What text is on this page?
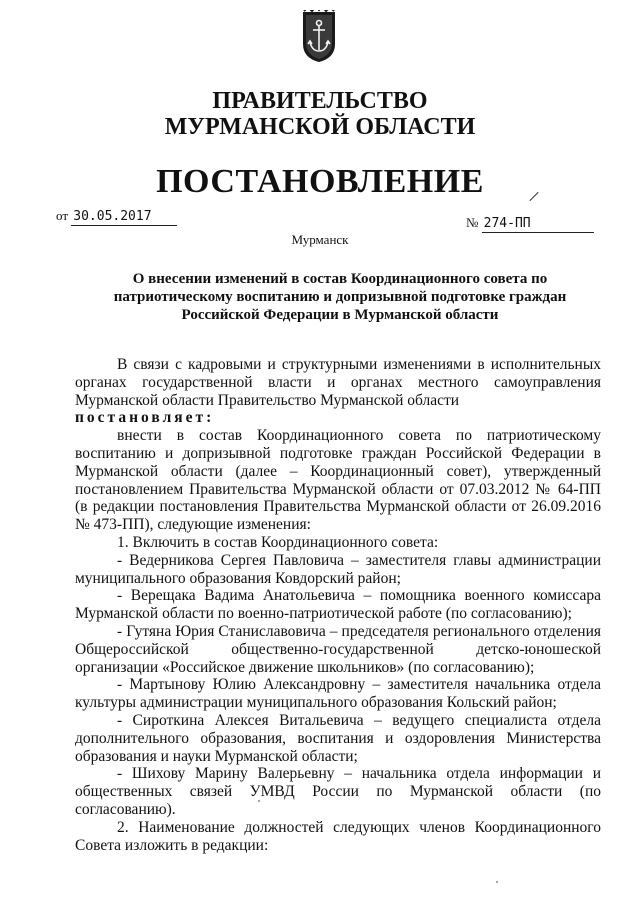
ПРАВИТЕЛЬСТВО
МУРМАНСКОЙ ОБЛАСТИ
ПОСТАНОВЛЕНИЕ
от 30.05.2017	№ 274-ПП
Мурманск
О внесении изменений в состав Координационного совета по
патриотическому воспитанию и допризывной подготовке граждан
Российской Федерации в Мурманской области

В связи с кадровыми и структурными изменениями в исполнительных органах государственной власти и органах местного самоуправления Мурманской области Правительство Мурманской области

постановляет:

внести в состав Координационного совета по патриотическому воспитанию и допризывной подготовке граждан Российской Федерации в Мурманской области (далее – Координационный совет), утвержденный постановлением Правительства Мурманской области от 07.03.2012 № 64-ПП (в редакции постановления Правительства Мурманской области от 26.09.2016 № 473-ПП), следующие изменения:

1. Включить в состав Координационного совета:

- Ведерникова Сергея Павловича – заместителя главы администрации муниципального образования Ковдорский район;

- Верещака Вадима Анатольевича – помощника военного комиссара Мурманской области по военно-патриотической работе (по согласованию);

- Гутяна Юрия Станиславовича – председателя регионального отделения Общероссийской общественно-государственной детско-юношеской организации «Российское движение школьников» (по согласованию);

- Мартынову Юлию Александровну – заместителя начальника отдела культуры администрации муниципального образования Кольский район;

- Сироткина Алексея Витальевича – ведущего специалиста отдела дополнительного образования, воспитания и оздоровления Министерства образования и науки Мурманской области;

- Шихову Марину Валерьевну – начальника отдела информации и общественных связей УМВД России по Мурманской области (по согласованию).

2. Наименование должностей следующих членов Координационного Совета изложить в редакции:
